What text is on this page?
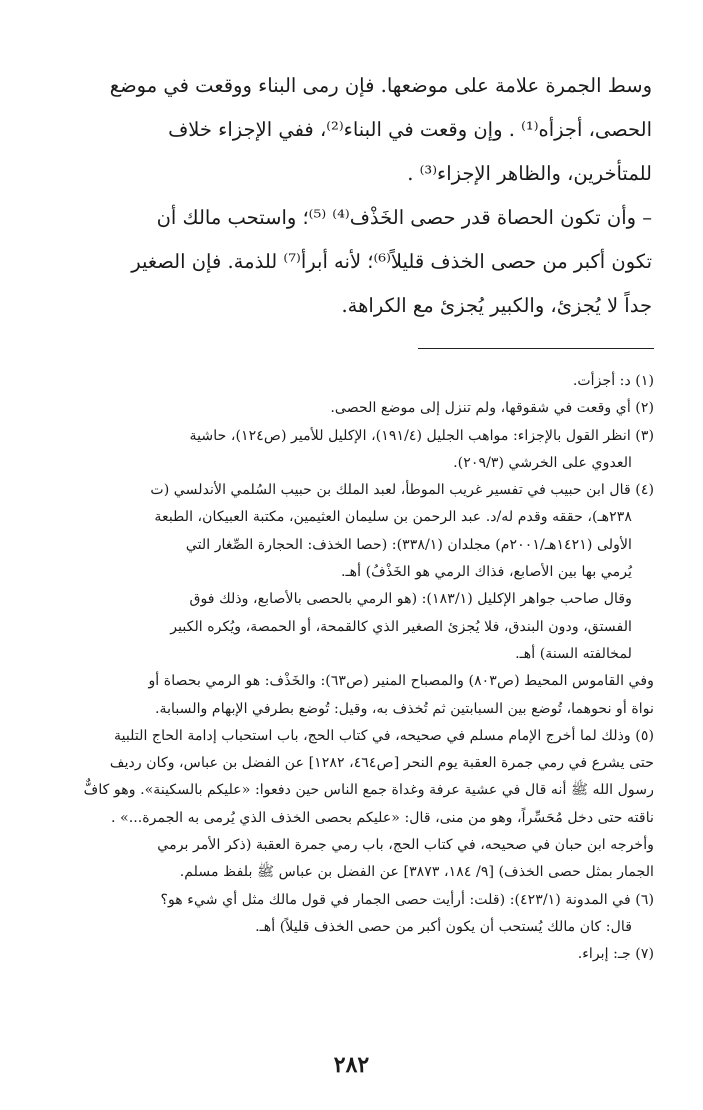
وسط الجمرة علامة على موضعها. فإن رمى البناء ووقعت في موضع
الحصى، أجزأه⁽¹⁾ . وإن وقعت في البناء⁽²⁾، ففي الإجزاء خلاف
للمتأخرين، والظاهر الإجزاء⁽³⁾ .
– وأن تكون الحصاة قدر حصى الخَذْف⁽⁴⁾ ⁽⁵⁾؛ واستحب مالك أن
تكون أكبر من حصى الخذف قليلاً⁽⁶⁾؛ لأنه أبرأ⁽⁷⁾ للذمة. فإن الصغير
جداً لا يُجزئ، والكبير يُجزئ مع الكراهة.
(١) د: أجزأت.
(٢) أي وقعت في شقوقها، ولم تنزل إلى موضع الحصى.
(٣) انظر القول بالإجزاء: مواهب الجليل (١٩١/٤)، الإكليل للأمير (ص١٢٤)، حاشية
العدوي على الخرشي (٢٠٩/٣).
(٤) قال ابن حبيب في تفسير غريب الموطأ، لعبد الملك بن حبيب السُلمي الأندلسي (ت
٢٣٨هـ)، حققه وقدم له/د. عبد الرحمن بن سليمان العثيمين، مكتبة العبيكان، الطبعة
الأولى (١٤٢١هـ/٢٠٠١م) مجلدان (٣٣٨/١): (حصا الخذف: الحجارة الصِّغار التي
يُرمي بها بين الأصابع، فذاك الرمي هو الخَذْفُ) أهـ.
وقال صاحب جواهر الإكليل (١٨٣/١): (هو الرمي بالحصى بالأصابع، وذلك فوق
الفستق، ودون البندق، فلا يُجزئ الصغير الذي كالقمحة، أو الحمصة، ويُكره الكبير
لمخالفته السنة) أهـ.
وفي القاموس المحيط (ص٨٠٣) والمصباح المنير (ص٦٣): والخَذْف: هو الرمي بحصاة أو
نواة أو نحوهما، تُوضع بين السبابتين ثم تُخذف به، وقيل: تُوضع بطرفي الإبهام والسبابة.
(٥) وذلك لما أخرج الإمام مسلم في صحيحه، في كتاب الحج، باب استحباب إدامة الحاج التلبية
حتى يشرع في رمي جمرة العقبة يوم النحر [ص٤٦٤، ١٢٨٢] عن الفضل بن عباس، وكان رديف
رسول الله ﷺ أنه قال في عشية عرفة وغداة جمع الناس حين دفعوا: «عليكم بالسكينة». وهو كافٌّ
ناقته حتى دخل مُحَسِّراً، وهو من منى، قال: «عليكم بحصى الخذف الذي يُرمى به الجمرة...» .
وأخرجه ابن حبان في صحيحه، في كتاب الحج، باب رمي جمرة العقبة (ذكر الأمر برمي
الجمار بمثل حصى الخذف) [٩/ ١٨٤، ٣٨٧٣] عن الفضل بن عباس ﷺ بلفظ مسلم.
(٦) في المدونة (٤٢٣/١): (قلت: أرأيت حصى الجمار في قول مالك مثل أي شيء هو؟
قال: كان مالك يُستحب أن يكون أكبر من حصى الخذف قليلاً) أهـ.
(٧) جـ: إبراء.
٢٨٢
